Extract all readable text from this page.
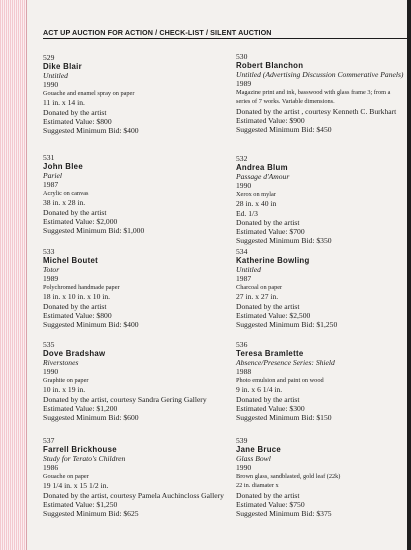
ACT UP AUCTION FOR ACTION / CHECK-LIST / SILENT AUCTION
529
Dike Blair
Untitled
1990
Gouache and enamel spray on paper
11 in. x 14 in.
Donated by the artist
Estimated Value: $800
Suggested Minimum Bid: $400
530
Robert Blanchon
Untitled (Advertising Discussion Commerative Panels)
1989
Magazine print and ink, basswood with glass frame 3; from a
series of 7 works. Variable dimensions.
Donated by the artist , courtesy Kenneth C. Burkhart
Estimated Value: $900
Suggested Minimum Bid: $450
531
John Blee
Pariel
1987
Acrylic on canvas
38 in. x 28 in.
Donated by the artist
Estimated Value: $2,000
Suggested Minimum Bid: $1,000
532
Andrea Blum
Passage d'Amour
1990
Xerox on mylar
28 in. x 40 in
Ed. 1/3
Donated by the artist
Estimated Value: $700
Suggested Minimum Bid: $350
533
Michel Boutet
Totor
1989
Polychromed handmade paper
18 in. x 10 in. x 10 in.
Donated by the artist
Estimated Value: $800
Suggested Minimum Bid: $400
534
Katherine Bowling
Untitled
1987
Charcoal on paper
27 in. x 27 in.
Donated by the artist
Estimated Value: $2,500
Suggested Minimum Bid: $1,250
535
Dove Bradshaw
Riverstones
1990
Graphite on paper
10 in. x 19 in.
Donated by the artist, courtesy Sandra Gering Gallery
Estimated Value: $1,200
Suggested Minimum Bid: $600
536
Teresa Bramlette
Absence/Presence Series: Shield
1988
Photo emulsion and paint on wood
9 in. x 6 1/4 in.
Donated by the artist
Estimated Value: $300
Suggested Minimum Bid: $150
537
Farrell Brickhouse
Study for Terato's Children
1986
Gouache on paper
19 1/4 in. x 15 1/2 in.
Donated by the artist, courtesy Pamela Auchincloss Gallery
Estimated Value: $1,250
Suggested Minimum Bid: $625
539
Jane Bruce
Glass Bowl
1990
Brown glass, sandblasted, gold leaf (22k)
22 in. diamater x
Donated by the artist
Estimated Value: $750
Suggested Minimum Bid: $375
